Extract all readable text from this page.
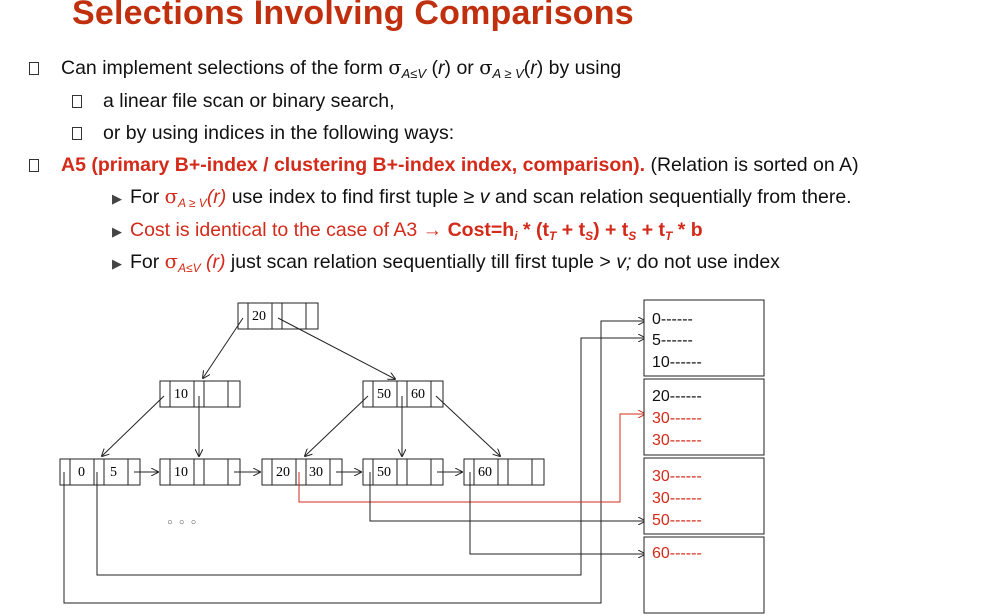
Selections Involving Comparisons
Can implement selections of the form $\sigma_{A\le V}$ (r) or $\sigma_{A \ge V}(r)$ by using
a linear file scan or binary search,
or by using indices in the following ways:
A5 (primary B+-index / clustering B+-index index, comparison). (Relation is sorted on A)
▶ For $\sigma_{A \ge V}(r)$ use index to find first tuple ≥ v and scan relation sequentially from there.
▶ Cost is identical to the case of $A3 \to Cost=h_i * (t_T + t_S) + t_S + t_T * b$
▶ For $\sigma_{A\le V}$ (r) just scan relation sequentially till first tuple > v; do not use index
20
10	50 60
0 5	10	20 30	50	60
0------
5------
10------
20------
30------
30------
30------
30------
50------
60------
◦ ◦ ◦
